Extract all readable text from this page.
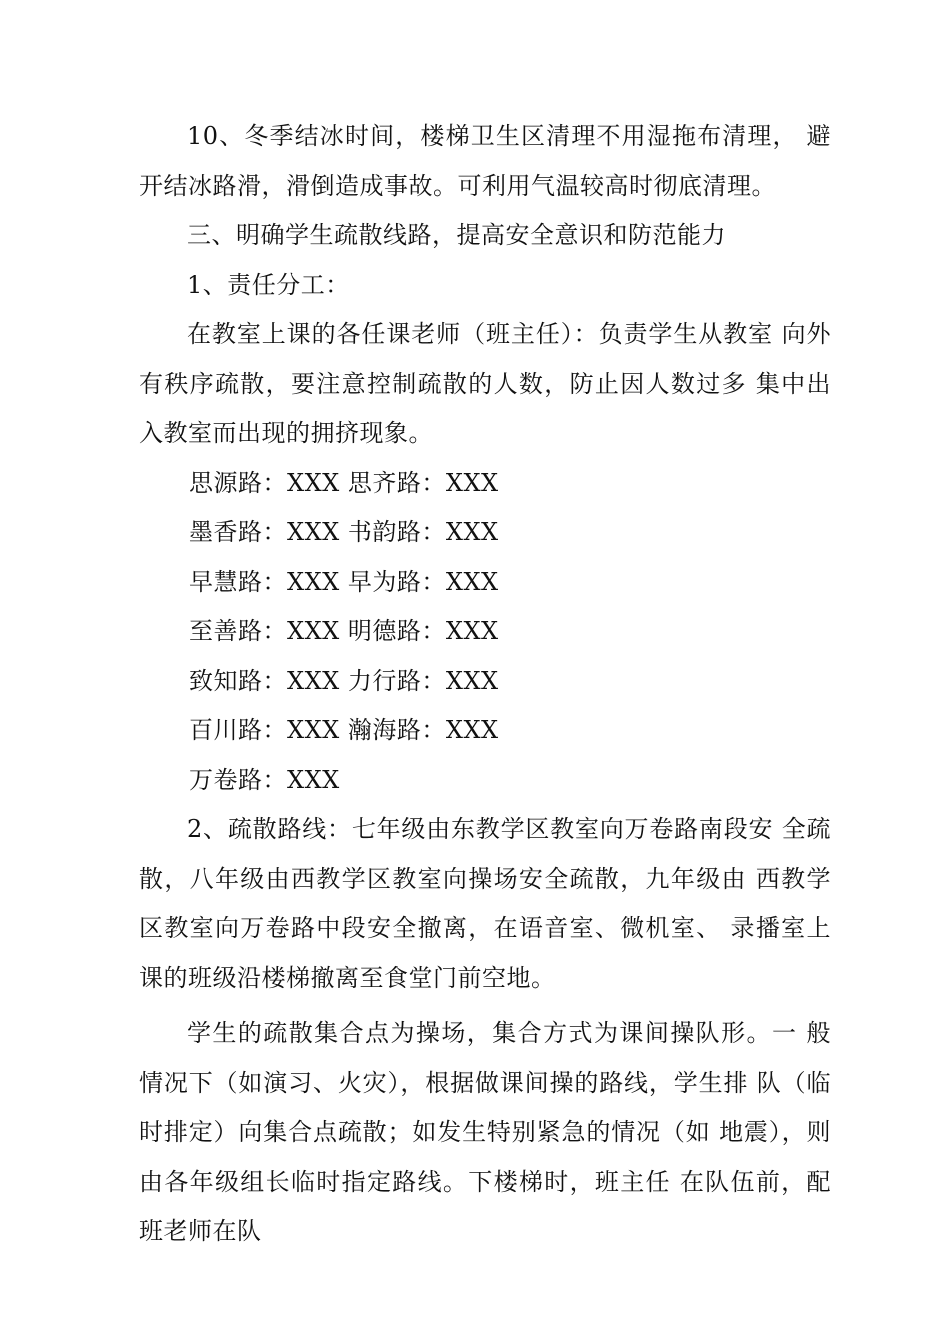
10、冬季结冰时间，楼梯卫生区清理不用湿拖布清理， 避开结冰路滑，滑倒造成事故。可利用气温较高时彻底清理。

三、明确学生疏散线路，提高安全意识和防范能力

1、责任分工：

在教室上课的各任课老师（班主任）：负责学生从教室 向外有秩序疏散，要注意控制疏散的人数，防止因人数过多 集中出入教室而出现的拥挤现象。

思源路：XXX 思齐路：XXX

墨香路：XXX 书韵路：XXX

早慧路：XXX 早为路：XXX

至善路：XXX 明德路：XXX

致知路：XXX 力行路：XXX

百川路：XXX 瀚海路：XXX

万卷路：XXX

2、疏散路线：七年级由东教学区教室向万卷路南段安 全疏散，八年级由西教学区教室向操场安全疏散，九年级由 西教学区教室向万卷路中段安全撤离，在语音室、微机室、 录播室上课的班级沿楼梯撤离至食堂门前空地。

学生的疏散集合点为操场，集合方式为课间操队形。一 般情况下（如演习、火灾），根据做课间操的路线，学生排 队（临时排定）向集合点疏散；如发生特别紧急的情况（如 地震），则由各年级组长临时指定路线。下楼梯时，班主任 在队伍前，配班老师在队
